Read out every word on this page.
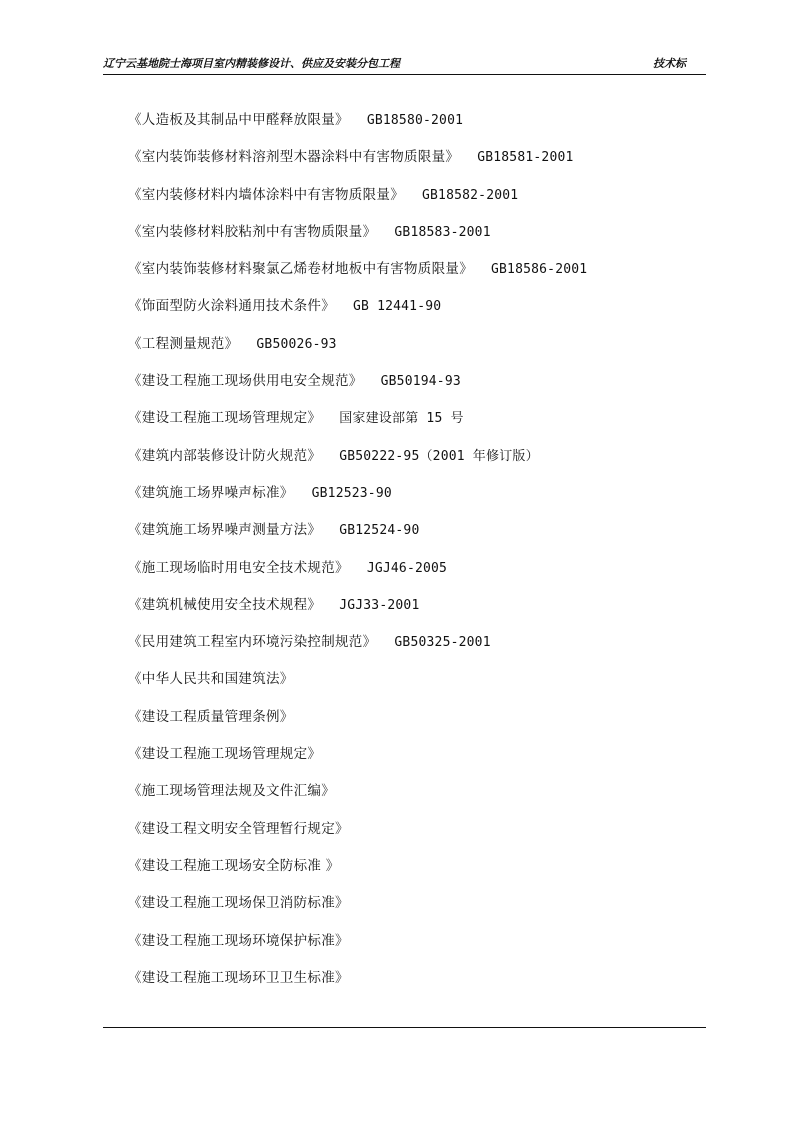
辽宁云基地院士海项目室内精装修设计、供应及安装分包工程	技术标
《人造板及其制品中甲醛释放限量》 GB18580-2001
《室内装饰装修材料溶剂型木器涂料中有害物质限量》 GB18581-2001
《室内装修材料内墙体涂料中有害物质限量》 GB18582-2001
《室内装修材料胶粘剂中有害物质限量》 GB18583-2001
《室内装饰装修材料聚氯乙烯卷材地板中有害物质限量》 GB18586-2001
《饰面型防火涂料通用技术条件》 GB 12441-90
《工程测量规范》 GB50026-93
《建设工程施工现场供用电安全规范》 GB50194-93
《建设工程施工现场管理规定》 国家建设部第 15 号
《建筑内部装修设计防火规范》 GB50222-95（2001 年修订版）
《建筑施工场界噪声标准》 GB12523-90
《建筑施工场界噪声测量方法》 GB12524-90
《施工现场临时用电安全技术规范》 JGJ46-2005
《建筑机械使用安全技术规程》 JGJ33-2001
《民用建筑工程室内环境污染控制规范》 GB50325-2001
《中华人民共和国建筑法》
《建设工程质量管理条例》
《建设工程施工现场管理规定》
《施工现场管理法规及文件汇编》
《建设工程文明安全管理暂行规定》
《建设工程施工现场安全防标准 》
《建设工程施工现场保卫消防标准》
《建设工程施工现场环境保护标准》
《建设工程施工现场环卫卫生标准》
